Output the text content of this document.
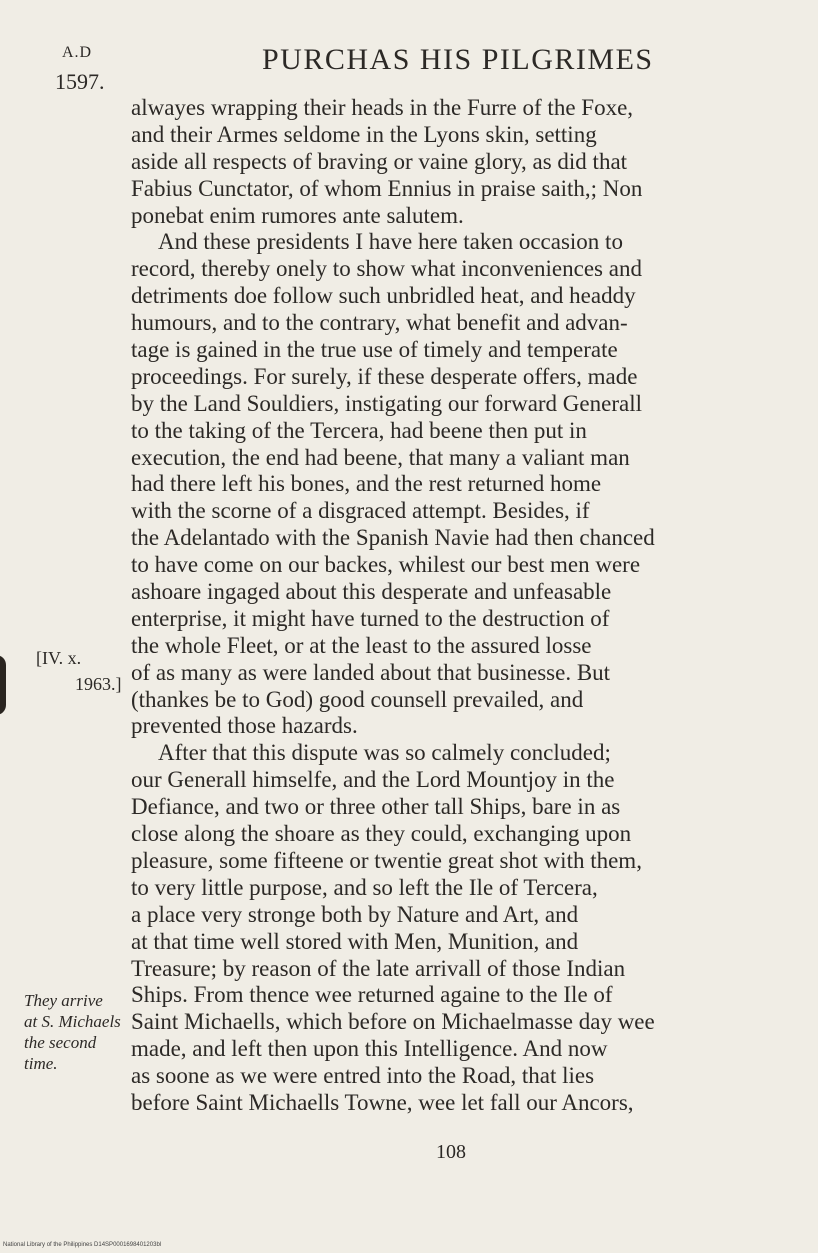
A.D
1597.
PURCHAS HIS PILGRIMES
[IV. x.
1963.]
They arrive
at S. Michaels
the second
time.
alwayes wrapping their heads in the Furre of the Foxe,
and their Armes seldome in the Lyons skin, setting
aside all respects of braving or vaine glory, as did that
Fabius Cunctator, of whom Ennius in praise saith,; Non
ponebat enim rumores ante salutem.
And these presidents I have here taken occasion to
record, thereby onely to show what inconveniences and
detriments doe follow such unbridled heat, and headdy
humours, and to the contrary, what benefit and advan-
tage is gained in the true use of timely and temperate
proceedings. For surely, if these desperate offers, made
by the Land Souldiers, instigating our forward Generall
to the taking of the Tercera, had beene then put in
execution, the end had beene, that many a valiant man
had there left his bones, and the rest returned home
with the scorne of a disgraced attempt. Besides, if
the Adelantado with the Spanish Navie had then chanced
to have come on our backes, whilest our best men were
ashoare ingaged about this desperate and unfeasable
enterprise, it might have turned to the destruction of
the whole Fleet, or at the least to the assured losse
of as many as were landed about that businesse. But
(thankes be to God) good counsell prevailed, and
prevented those hazards.
After that this dispute was so calmely concluded;
our Generall himselfe, and the Lord Mountjoy in the
Defiance, and two or three other tall Ships, bare in as
close along the shoare as they could, exchanging upon
pleasure, some fifteene or twentie great shot with them,
to very little purpose, and so left the Ile of Tercera,
a place very stronge both by Nature and Art, and
at that time well stored with Men, Munition, and
Treasure; by reason of the late arrivall of those Indian
Ships. From thence wee returned againe to the Ile of
Saint Michaells, which before on Michaelmasse day wee
made, and left then upon this Intelligence. And now
as soone as we were entred into the Road, that lies
before Saint Michaells Towne, wee let fall our Ancors,
108
National Library of the Philippines D14SP0001698401203bl
